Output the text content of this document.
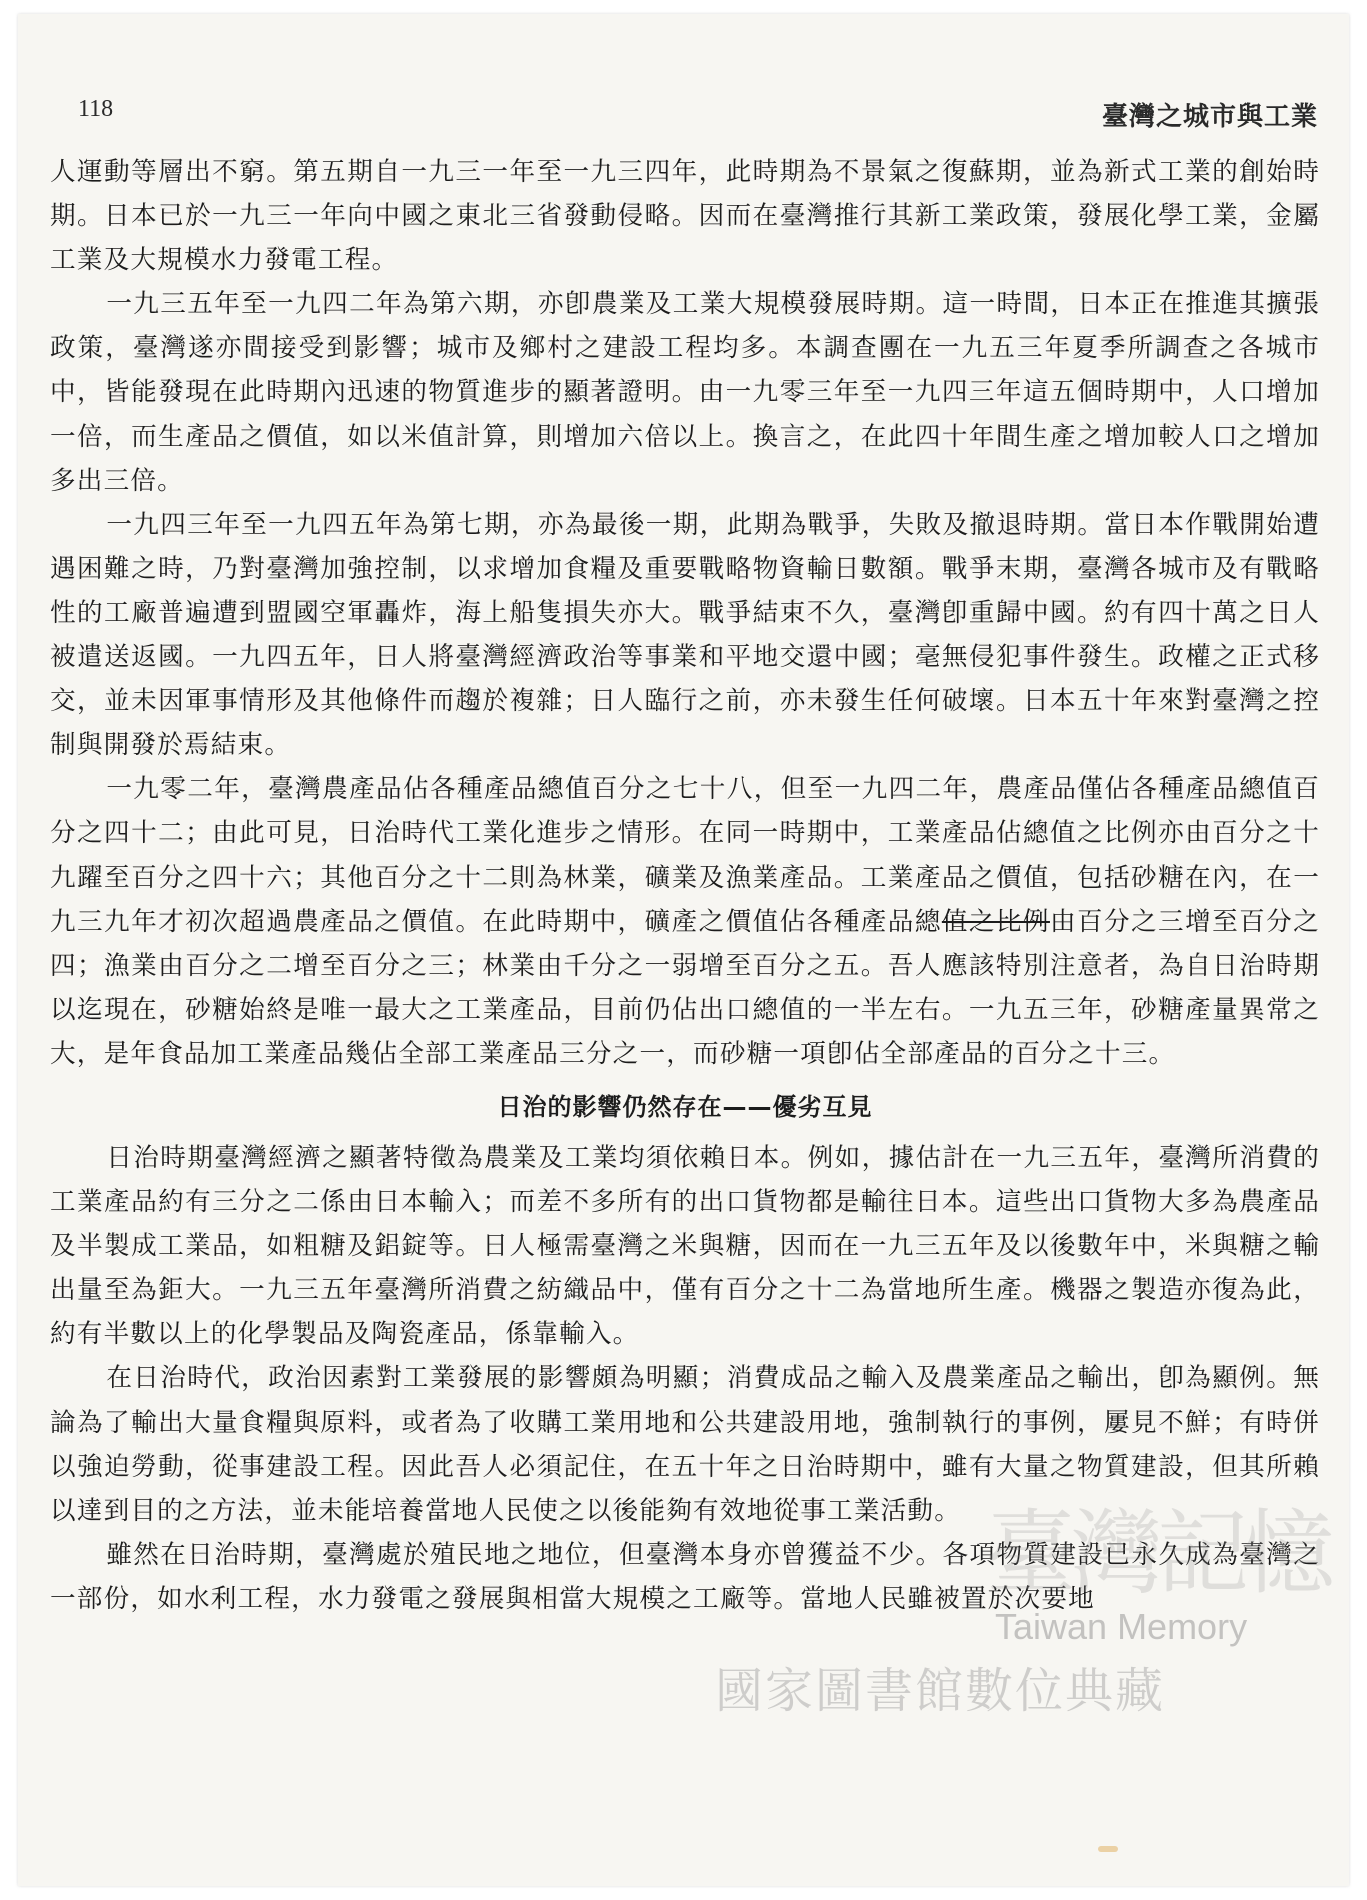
118	臺灣之城市與工業

人運動等層出不窮。第五期自一九三一年至一九三四年，此時期為不景氣之復蘇期，並為新式工業的創始時期。日本已於一九三一年向中國之東北三省發動侵略。因而在臺灣推行其新工業政策，發展化學工業，金屬工業及大規模水力發電工程。

一九三五年至一九四二年為第六期，亦卽農業及工業大規模發展時期。這一時間，日本正在推進其擴張政策，臺灣遂亦間接受到影響；城市及鄉村之建設工程均多。本調查團在一九五三年夏季所調查之各城市中，皆能發現在此時期內迅速的物質進步的顯著證明。由一九零三年至一九四三年這五個時期中，人口增加一倍，而生產品之價值，如以米值計算，則增加六倍以上。換言之，在此四十年間生產之增加較人口之增加多出三倍。

一九四三年至一九四五年為第七期，亦為最後一期，此期為戰爭，失敗及撤退時期。當日本作戰開始遭遇困難之時，乃對臺灣加強控制，以求增加食糧及重要戰略物資輸日數額。戰爭末期，臺灣各城市及有戰略性的工廠普遍遭到盟國空軍轟炸，海上船隻損失亦大。戰爭結束不久，臺灣卽重歸中國。約有四十萬之日人被遣送返國。一九四五年，日人將臺灣經濟政治等事業和平地交還中國；毫無侵犯事件發生。政權之正式移交，並未因軍事情形及其他條件而趨於複雜；日人臨行之前，亦未發生任何破壞。日本五十年來對臺灣之控制與開發於焉結束。

一九零二年，臺灣農產品佔各種產品總值百分之七十八，但至一九四二年，農產品僅佔各種產品總值百分之四十二；由此可見，日治時代工業化進步之情形。在同一時期中，工業產品佔總值之比例亦由百分之十九躍至百分之四十六；其他百分之十二則為林業，礦業及漁業產品。工業產品之價值，包括砂糖在內，在一九三九年才初次超過農產品之價值。在此時期中，礦產之價值佔各種產品總值之比例由百分之三增至百分之四；漁業由百分之二增至百分之三；林業由千分之一弱增至百分之五。吾人應該特別注意者，為自日治時期以迄現在，砂糖始終是唯一最大之工業產品，目前仍佔出口總值的一半左右。一九五三年，砂糖產量異常之大，是年食品加工業產品幾佔全部工業產品三分之一，而砂糖一項卽佔全部產品的百分之十三。

日治的影響仍然存在——優劣互見

日治時期臺灣經濟之顯著特徵為農業及工業均須依賴日本。例如，據估計在一九三五年，臺灣所消費的工業產品約有三分之二係由日本輸入；而差不多所有的出口貨物都是輸往日本。這些出口貨物大多為農產品及半製成工業品，如粗糖及鋁錠等。日人極需臺灣之米與糖，因而在一九三五年及以後數年中，米與糖之輸出量至為鉅大。一九三五年臺灣所消費之紡織品中，僅有百分之十二為當地所生產。機器之製造亦復為此，約有半數以上的化學製品及陶瓷產品，係靠輸入。

在日治時代，政治因素對工業發展的影響頗為明顯；消費成品之輸入及農業產品之輸出，卽為顯例。無論為了輸出大量食糧與原料，或者為了收購工業用地和公共建設用地，強制執行的事例，屢見不鮮；有時併以強迫勞動，從事建設工程。因此吾人必須記住，在五十年之日治時期中，雖有大量之物質建設，但其所賴以達到目的之方法，並未能培養當地人民使之以後能夠有效地從事工業活動。

雖然在日治時期，臺灣處於殖民地之地位，但臺灣本身亦曾獲益不少。各項物質建設已永久成為臺灣之一部份，如水利工程，水力發電之發展與相當大規模之工廠等。當地人民雖被置於次要地

臺灣記憶
Taiwan Memory
國家圖書館數位典藏
